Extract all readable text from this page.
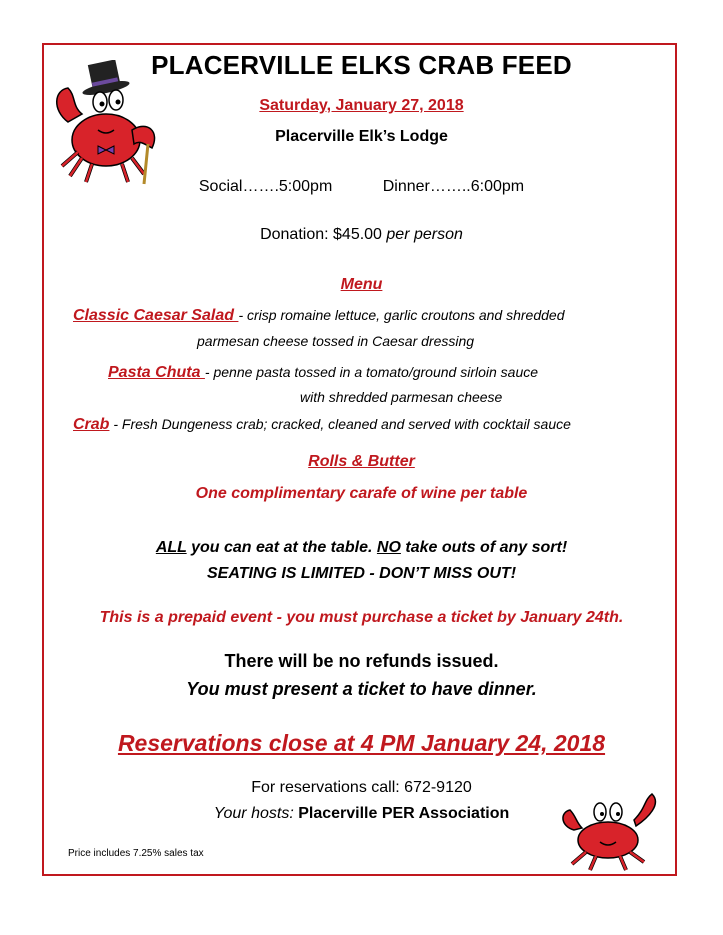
PLACERVILLE ELKS CRAB FEED
Saturday, January 27, 2018
Placerville Elk’s Lodge
Social…….5:00pm	Dinner……..6:00pm
Donation: $45.00 per person
Menu
Classic Caesar Salad - crisp romaine lettuce, garlic croutons and shredded
parmesan cheese tossed in Caesar dressing
Pasta Chuta - penne pasta tossed in a tomato/ground sirloin sauce
with shredded parmesan cheese
Crab - Fresh Dungeness crab; cracked, cleaned and served with cocktail sauce
Rolls & Butter
One complimentary carafe of wine per table
ALL you can eat at the table. NO take outs of any sort!
SEATING IS LIMITED - DON’T MISS OUT!
This is a prepaid event - you must purchase a ticket by January 24th.
There will be no refunds issued.
You must present a ticket to have dinner.
Reservations close at 4 PM January 24, 2018
For reservations call: 672-9120
Your hosts: Placerville PER Association
Price includes 7.25% sales tax
